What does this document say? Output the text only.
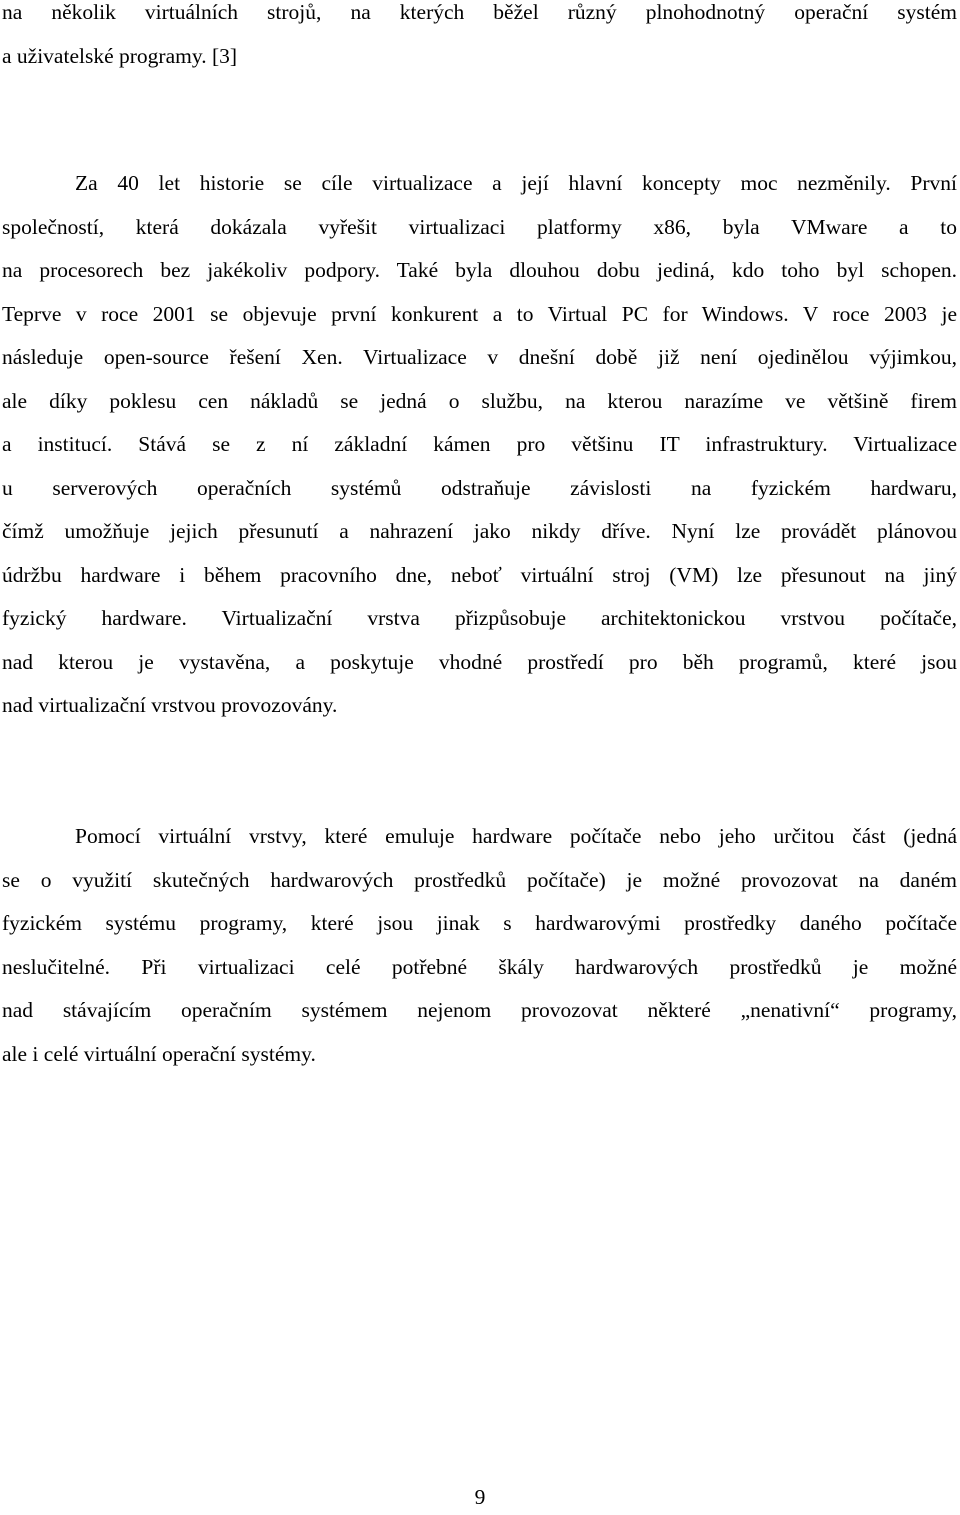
na několik virtuálních strojů, na kterých běžel různý plnohodnotný operační systém
a uživatelské programy. [3]
Za 40 let historie se cíle virtualizace a její hlavní koncepty moc nezměnily. První
společností, která dokázala vyřešit virtualizaci platformy x86, byla VMware a to
na procesorech bez jakékoliv podpory. Také byla dlouhou dobu jediná, kdo toho byl schopen.
Teprve v roce 2001 se objevuje první konkurent a to Virtual PC for Windows. V roce 2003 je
následuje open-source řešení Xen. Virtualizace v dnešní době již není ojedinělou výjimkou,
ale díky poklesu cen nákladů se jedná o službu, na kterou narazíme ve většině firem
a institucí. Stává se z ní základní kámen pro většinu IT infrastruktury. Virtualizace
u serverových operačních systémů odstraňuje závislosti na fyzickém hardwaru,
čímž umožňuje jejich přesunutí a nahrazení jako nikdy dříve. Nyní lze provádět plánovou
údržbu hardware i během pracovního dne, neboť virtuální stroj (VM) lze přesunout na jiný
fyzický hardware. Virtualizační vrstva přizpůsobuje architektonickou vrstvou počítače,
nad kterou je vystavěna, a poskytuje vhodné prostředí pro běh programů, které jsou
nad virtualizační vrstvou provozovány.
Pomocí virtuální vrstvy, které emuluje hardware počítače nebo jeho určitou část (jedná
se o využití skutečných hardwarových prostředků počítače) je možné provozovat na daném
fyzickém systému programy, které jsou jinak s hardwarovými prostředky daného počítače
neslučitelné. Při virtualizaci celé potřebné škály hardwarových prostředků je možné
nad stávajícím operačním systémem nejenom provozovat některé „nenativní“ programy,
ale i celé virtuální operační systémy.
9
